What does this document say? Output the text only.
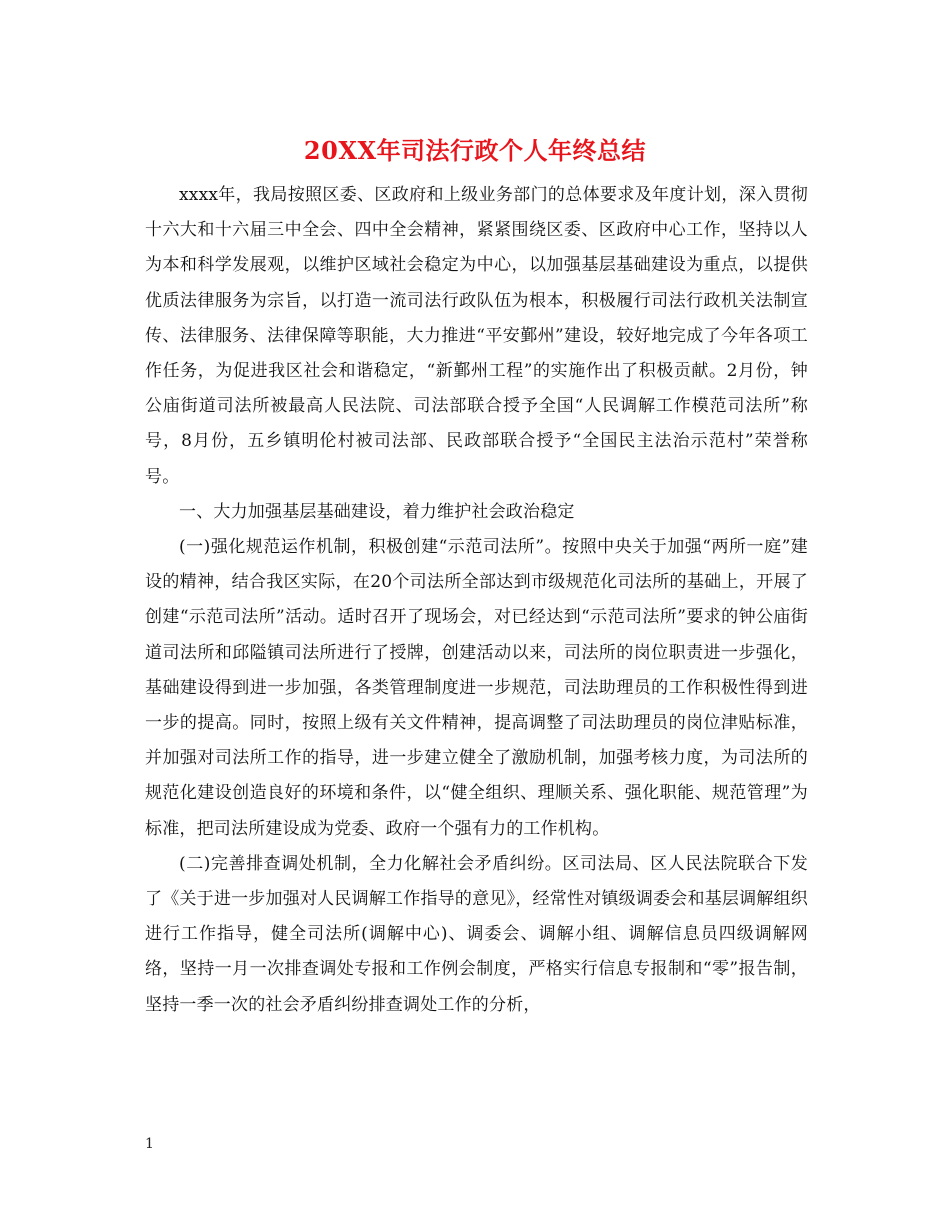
20XX年司法行政个人年终总结

xxxx年，我局按照区委、区政府和上级业务部门的总体要求及年度计划，深入贯彻十六大和十六届三中全会、四中全会精神，紧紧围绕区委、区政府中心工作，坚持以人为本和科学发展观，以维护区域社会稳定为中心，以加强基层基础建设为重点，以提供优质法律服务为宗旨，以打造一流司法行政队伍为根本，积极履行司法行政机关法制宣传、法律服务、法律保障等职能，大力推进“平安鄞州”建设，较好地完成了今年各项工作任务，为促进我区社会和谐稳定，“新鄞州工程”的实施作出了积极贡献。2月份，钟公庙街道司法所被最高人民法院、司法部联合授予全国“人民调解工作模范司法所”称号，8月份，五乡镇明伦村被司法部、民政部联合授予“全国民主法治示范村”荣誉称号。

一、大力加强基层基础建设，着力维护社会政治稳定

(一)强化规范运作机制，积极创建“示范司法所”。按照中央关于加强“两所一庭”建设的精神，结合我区实际，在20个司法所全部达到市级规范化司法所的基础上，开展了创建“示范司法所”活动。适时召开了现场会，对已经达到“示范司法所”要求的钟公庙街道司法所和邱隘镇司法所进行了授牌，创建活动以来，司法所的岗位职责进一步强化，基础建设得到进一步加强，各类管理制度进一步规范，司法助理员的工作积极性得到进一步的提高。同时，按照上级有关文件精神，提高调整了司法助理员的岗位津贴标准，并加强对司法所工作的指导，进一步建立健全了激励机制，加强考核力度，为司法所的规范化建设创造良好的环境和条件，以“健全组织、理顺关系、强化职能、规范管理”为标准，把司法所建设成为党委、政府一个强有力的工作机构。

(二)完善排查调处机制，全力化解社会矛盾纠纷。区司法局、区人民法院联合下发了《关于进一步加强对人民调解工作指导的意见》，经常性对镇级调委会和基层调解组织进行工作指导，健全司法所(调解中心)、调委会、调解小组、调解信息员四级调解网络，坚持一月一次排查调处专报和工作例会制度，严格实行信息专报制和“零”报告制，坚持一季一次的社会矛盾纠纷排查调处工作的分析，

1
